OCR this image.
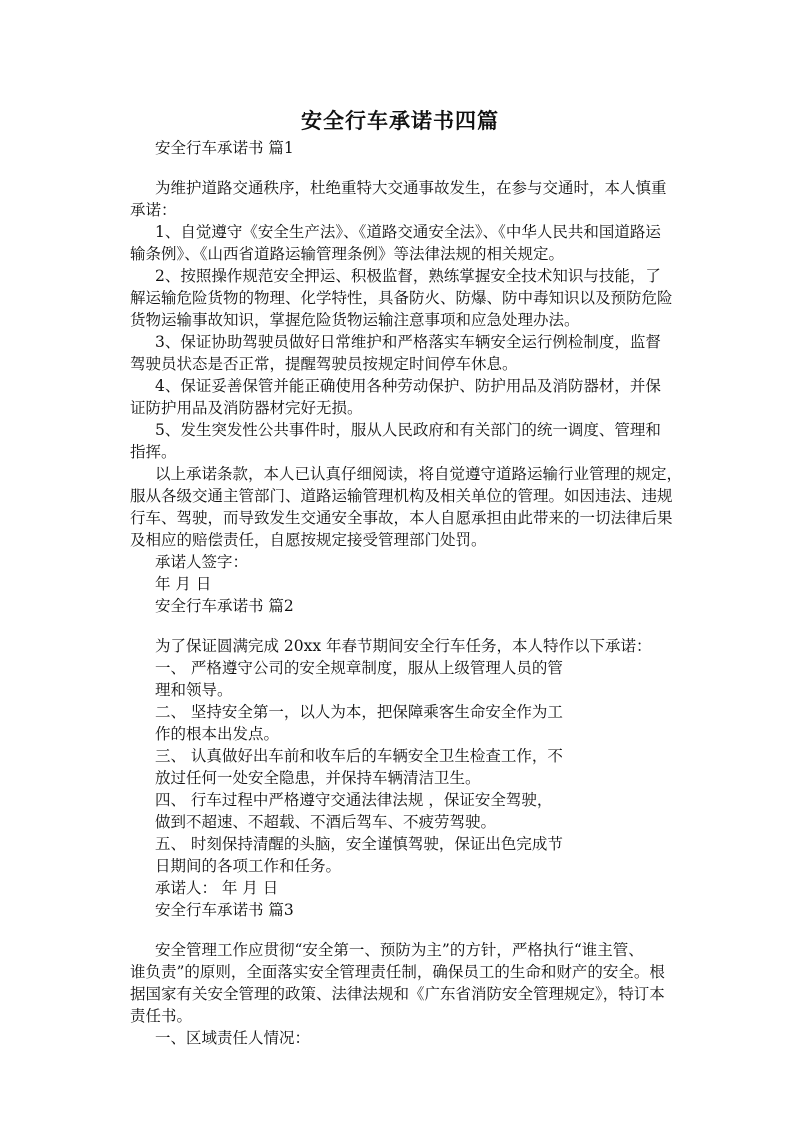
安全行车承诺书四篇
安全行车承诺书 篇1
为维护道路交通秩序，杜绝重特大交通事故发生，在参与交通时，本人慎重
承诺：
1、自觉遵守《安全生产法》、《道路交通安全法》、《中华人民共和国道路运
输条例》、《山西省道路运输管理条例》等法律法规的相关规定。
2、按照操作规范安全押运、积极监督，熟练掌握安全技术知识与技能，了
解运输危险货物的物理、化学特性，具备防火、防爆、防中毒知识以及预防危险
货物运输事故知识，掌握危险货物运输注意事项和应急处理办法。
3、保证协助驾驶员做好日常维护和严格落实车辆安全运行例检制度，监督
驾驶员状态是否正常，提醒驾驶员按规定时间停车休息。
4、保证妥善保管并能正确使用各种劳动保护、防护用品及消防器材，并保
证防护用品及消防器材完好无损。
5、发生突发性公共事件时，服从人民政府和有关部门的统一调度、管理和
指挥。
以上承诺条款，本人已认真仔细阅读，将自觉遵守道路运输行业管理的规定，
服从各级交通主管部门、道路运输管理机构及相关单位的管理。如因违法、违规
行车、驾驶，而导致发生交通安全事故，本人自愿承担由此带来的一切法律后果
及相应的赔偿责任，自愿按规定接受管理部门处罚。
承诺人签字：
年 月 日
安全行车承诺书 篇2
为了保证圆满完成 20xx 年春节期间安全行车任务，本人特作以下承诺：
一、 严格遵守公司的安全规章制度，服从上级管理人员的管
理和领导。
二、 坚持安全第一，以人为本，把保障乘客生命安全作为工
作的根本出发点。
三、 认真做好出车前和收车后的车辆安全卫生检查工作，不
放过任何一处安全隐患，并保持车辆清洁卫生。
四、 行车过程中严格遵守交通法律法规 ，保证安全驾驶，
做到不超速、不超载、不酒后驾车、不疲劳驾驶。
五、 时刻保持清醒的头脑，安全谨慎驾驶，保证出色完成节
日期间的各项工作和任务。
承诺人： 年 月 日
安全行车承诺书 篇3
安全管理工作应贯彻“安全第一、预防为主”的方针，严格执行“谁主管、
谁负责”的原则，全面落实安全管理责任制，确保员工的生命和财产的安全。根
据国家有关安全管理的政策、法律法规和《广东省消防安全管理规定》，特订本
责任书。
一、区域责任人情况：
